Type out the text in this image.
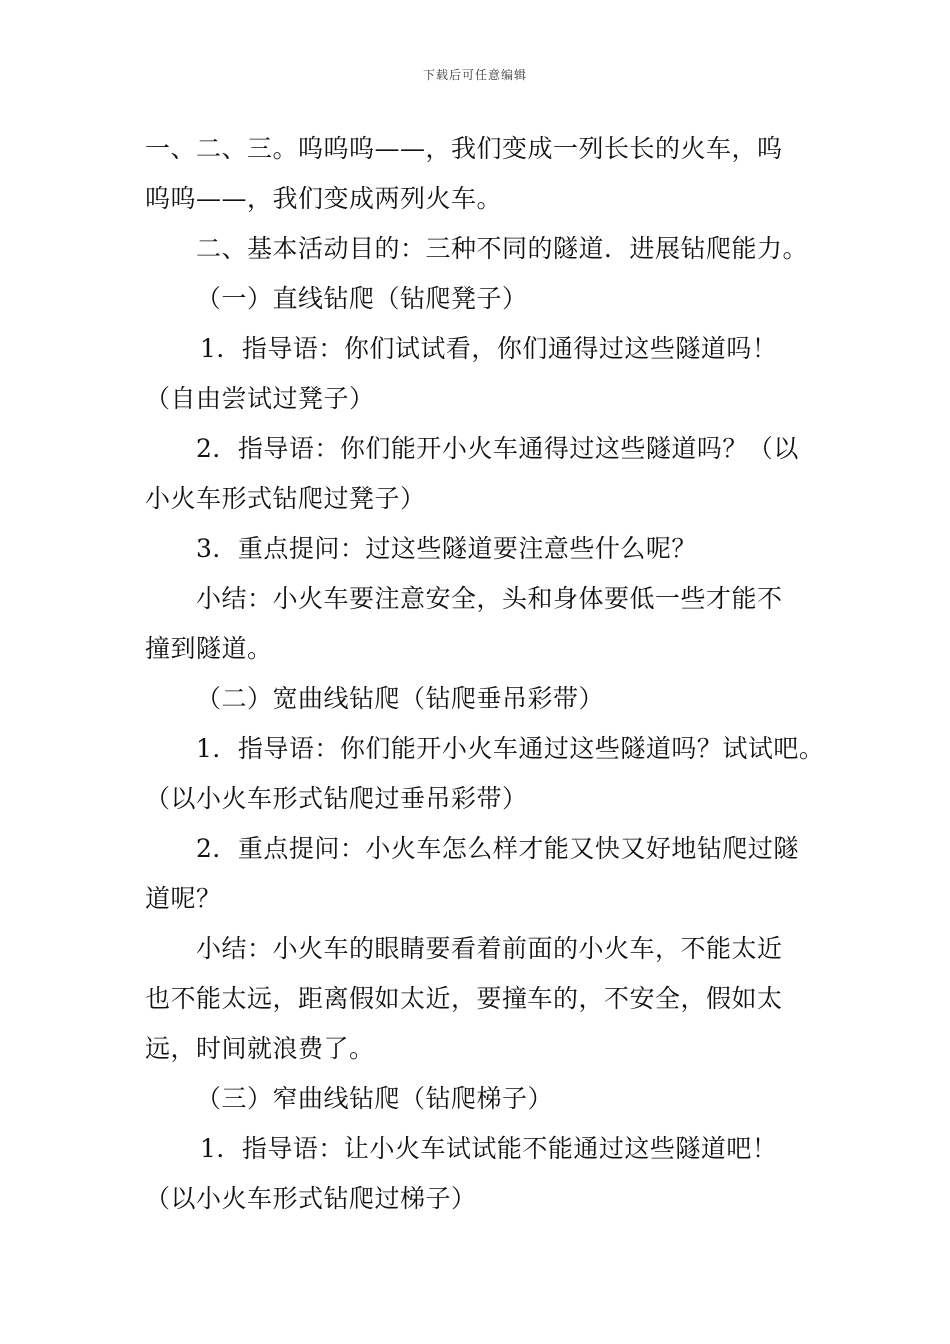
下载后可任意编辑
一、二、三。呜呜呜——，我们变成一列长长的火车，呜
呜呜——，我们变成两列火车。
二、基本活动目的：三种不同的隧道．进展钻爬能力。
（一）直线钻爬（钻爬凳子）
1．指导语：你们试试看，你们通得过这些隧道吗！
（自由尝试过凳子）
2．指导语：你们能开小火车通得过这些隧道吗？（以
小火车形式钻爬过凳子）
3．重点提问：过这些隧道要注意些什么呢？
小结：小火车要注意安全，头和身体要低一些才能不
撞到隧道。
（二）宽曲线钻爬（钻爬垂吊彩带）
1．指导语：你们能开小火车通过这些隧道吗？试试吧。
（以小火车形式钻爬过垂吊彩带）
2．重点提问：小火车怎么样才能又快又好地钻爬过隧
道呢？
小结：小火车的眼睛要看着前面的小火车，不能太近
也不能太远，距离假如太近，要撞车的，不安全，假如太
远，时间就浪费了。
（三）窄曲线钻爬（钻爬梯子）
1．指导语：让小火车试试能不能通过这些隧道吧！
（以小火车形式钻爬过梯子）
